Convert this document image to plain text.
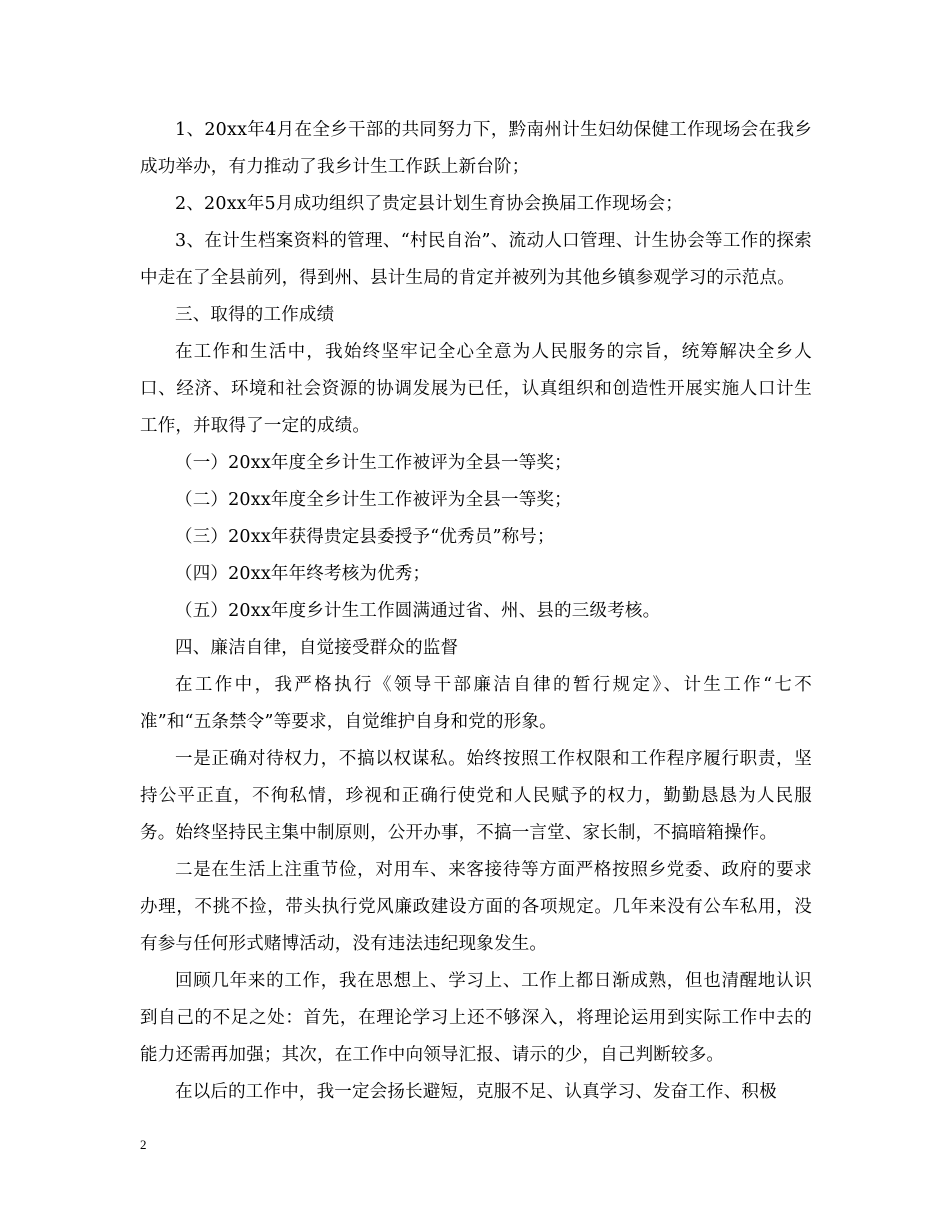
1、20xx年4月在全乡干部的共同努力下，黔南州计生妇幼保健工作现场会在我乡成功举办，有力推动了我乡计生工作跃上新台阶；

2、20xx年5月成功组织了贵定县计划生育协会换届工作现场会；

3、在计生档案资料的管理、“村民自治”、流动人口管理、计生协会等工作的探索中走在了全县前列，得到州、县计生局的肯定并被列为其他乡镇参观学习的示范点。

三、取得的工作成绩

在工作和生活中，我始终坚牢记全心全意为人民服务的宗旨，统筹解决全乡人口、经济、环境和社会资源的协调发展为已任，认真组织和创造性开展实施人口计生工作，并取得了一定的成绩。

（一）20xx年度全乡计生工作被评为全县一等奖；

（二）20xx年度全乡计生工作被评为全县一等奖；

（三）20xx年获得贵定县委授予“优秀员”称号；

（四）20xx年年终考核为优秀；

（五）20xx年度乡计生工作圆满通过省、州、县的三级考核。

四、廉洁自律，自觉接受群众的监督

在工作中，我严格执行《领导干部廉洁自律的暂行规定》、计生工作“七不准”和“五条禁令”等要求，自觉维护自身和党的形象。

一是正确对待权力，不搞以权谋私。始终按照工作权限和工作程序履行职责，坚持公平正直，不徇私情，珍视和正确行使党和人民赋予的权力，勤勤恳恳为人民服务。始终坚持民主集中制原则，公开办事，不搞一言堂、家长制，不搞暗箱操作。

二是在生活上注重节俭，对用车、来客接待等方面严格按照乡党委、政府的要求办理，不挑不捡，带头执行党风廉政建设方面的各项规定。几年来没有公车私用，没有参与任何形式赌博活动，没有违法违纪现象发生。

回顾几年来的工作，我在思想上、学习上、工作上都日渐成熟，但也清醒地认识到自己的不足之处：首先，在理论学习上还不够深入，将理论运用到实际工作中去的能力还需再加强；其次，在工作中向领导汇报、请示的少，自己判断较多。

在以后的工作中，我一定会扬长避短，克服不足、认真学习、发奋工作、积极

2
